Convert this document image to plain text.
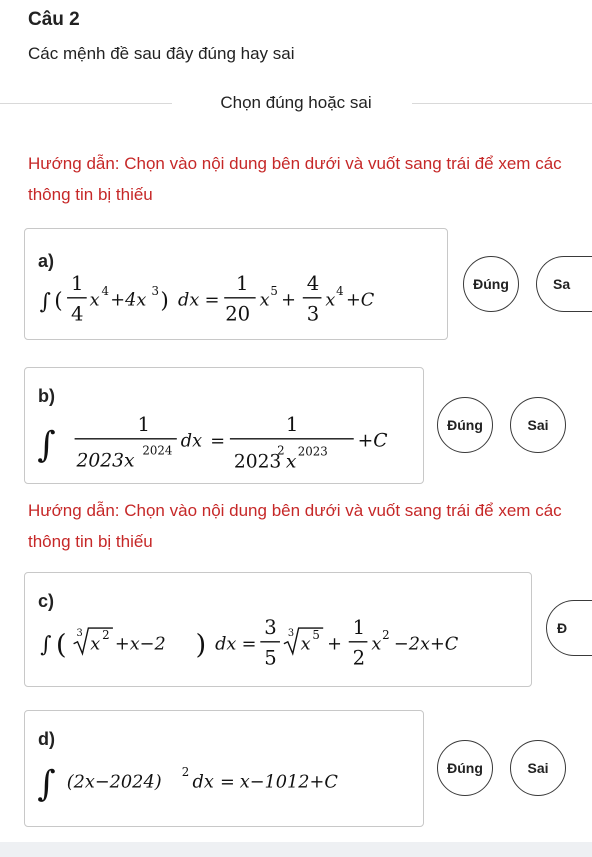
Câu 2
Các mệnh đề sau đây đúng hay sai
Chọn đúng hoặc sai
Hướng dẫn: Chọn vào nội dung bên dưới và vuốt sang trái để xem các thông tin bị thiếu
a)
∫ (
1
4
x 4 +4x 3 ) dx =
1
20
x 5 +
4
3
x 4 +C
Đúng	Sa
b)
∫
1
2023x 2024 dx =
1
2023
2
x 2023 +C
Đúng	Sai
Hướng dẫn: Chọn vào nội dung bên dưới và vuốt sang trái để xem các thông tin bị thiếu
c)
∫ ( 3
x 2 +x−2 ) dx =
3
5
3
x 5 +
1
2
x 2 −2x+C
Đ
d)
∫ (2x−2024)
2
dx = x−1012+C
Đúng	Sai
